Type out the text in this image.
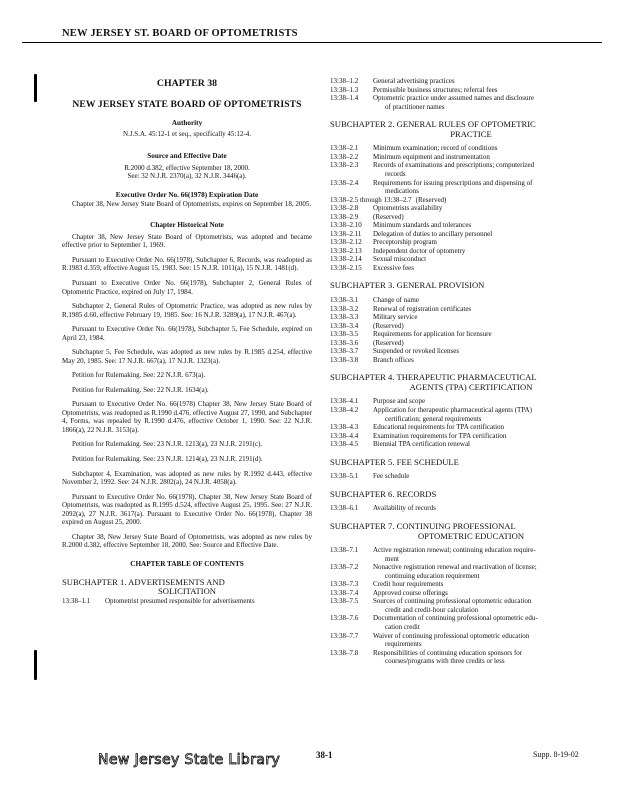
NEW JERSEY ST. BOARD OF OPTOMETRISTS
CHAPTER 38
NEW JERSEY STATE BOARD OF OPTOMETRISTS
Authority
N.J.S.A. 45:12-1 et seq., specifically 45:12-4.
Source and Effective Date
R.2000 d.382, effective September 18, 2000.
See: 32 N.J.R. 2370(a), 32 N.J.R. 3446(a).
Executive Order No. 66(1978) Expiration Date
Chapter 38, New Jersey State Board of Optometrists, expires on September 18, 2005.
Chapter Historical Note

Chapter 38, New Jersey State Board of Optometrists, was adopted and became effective prior to September 1, 1969.

Pursuant to Executive Order No. 66(1978), Subchapter 6, Records, was readopted as R.1983 d.359, effective August 15, 1983. See: 15 N.J.R. 1011(a), 15 N.J.R. 1481(d).

Pursuant to Executive Order No. 66(1978), Subchapter 2, General Rules of Optometric Practice, expired on July 17, 1984.

Subchapter 2, General Rules of Optometric Practice, was adopted as new rules by R.1985 d.60, effective February 19, 1985. See: 16 N.J.R. 3289(a), 17 N.J.R. 467(a).

Pursuant to Executive Order No. 66(1978), Subchapter 5, Fee Schedule, expired on April 23, 1984.

Subchapter 5, Fee Schedule, was adopted as new rules by R.1985 d.254, effective May 20, 1985. See: 17 N.J.R. 667(a), 17 N.J.R. 1323(a).

Petition for Rulemaking. See: 22 N.J.R. 673(a).

Petition for Rulemaking. See: 22 N.J.R. 1634(a).

Pursuant to Executive Order No. 66(1978) Chapter 38, New Jersey State Board of Optometrists, was readopted as R.1990 d.476, effective August 27, 1990, and Subchapter 4, Forms, was repealed by R.1990 d.476, effective October 1, 1990. See: 22 N.J.R. 1866(a), 22 N.J.R. 3153(a).

Petition for Rulemaking. See: 23 N.J.R. 1213(a), 23 N.J.R. 2191(c).

Petition for Rulemaking. See: 23 N.J.R. 1214(a), 23 N.J.R. 2191(d).

Subchapter 4, Examination, was adopted as new rules by R.1992 d.443, effective November 2, 1992. See: 24 N.J.R. 2802(a), 24 N.J.R. 4058(a).

Pursuant to Executive Order No. 66(1978), Chapter 38, New Jersey State Board of Optometrists, was readopted as R.1995 d.524, effective August 25, 1995. See: 27 N.J.R. 2092(a), 27 N.J.R. 3617(a). Pursuant to Executive Order No. 66(1978), Chapter 38 expired on August 25, 2000.

Chapter 38, New Jersey State Board of Optometrists, was adopted as new rules by R.2000 d.382, effective September 18, 2000. See: Source and Effective Date.

CHAPTER TABLE OF CONTENTS
SUBCHAPTER 1. ADVERTISEMENTS AND
SOLICITATION
13:38–1.1	Optometrist presumed responsible for advertisements
13:38–1.2	General advertising practices
13:38–1.3	Permissible business structures; referral fees
13:38–1.4	Optometric practice under assumed names and disclosure
of practitioner names
SUBCHAPTER 2. GENERAL RULES OF OPTOMETRIC
PRACTICE
13:38–2.1	Minimum examination; record of conditions
13:38–2.2	Minimum equipment and instrumentation
13:38–2.3	Records of examinations and prescriptions; computerized
records
13:38–2.4	Requirements for issuing prescriptions and dispensing of
medications
13:38–2.5 through 13:38–2.7 (Reserved)
13:38–2.8	Optometrists availability
13:38–2.9	(Reserved)
13:38–2.10	Minimum standards and tolerances
13:38–2.11	Delegation of duties to ancillary personnel
13:38–2.12	Preceptorship program
13:38–2.13	Independent doctor of optometry
13:38–2.14	Sexual misconduct
13:38–2.15	Excessive fees
SUBCHAPTER 3. GENERAL PROVISION
13:38–3.1	Change of name
13:38–3.2	Renewal of registration certificates
13:38–3.3	Military service
13:38–3.4	(Reserved)
13:38–3.5	Requirements for application for licensure
13:38–3.6	(Reserved)
13:38–3.7	Suspended or revoked licenses
13:38–3.8	Branch offices
SUBCHAPTER 4. THERAPEUTIC PHARMACEUTICAL
AGENTS (TPA) CERTIFICATION
13:38–4.1	Purpose and scope
13:38–4.2	Application for therapeutic pharmaceutical agents (TPA)
certification; general requirements
13:38–4.3	Educational requirements for TPA certification
13:38–4.4	Examination requirements for TPA certification
13:38–4.5	Biennial TPA certification renewal
SUBCHAPTER 5. FEE SCHEDULE
13:38–5.1	Fee schedule
SUBCHAPTER 6. RECORDS
13:38–6.1	Availability of records
SUBCHAPTER 7. CONTINUING PROFESSIONAL
OPTOMETRIC EDUCATION
13:38–7.1	Active registration renewal; continuing education require-
ment
13:38–7.2	Nonactive registration renewal and reactivation of license;
continuing education requirement
13:38–7.3	Credit hour requirements
13:38–7.4	Approved course offerings
13:38–7.5	Sources of continuing professional optometric education
credit and credit-hour calculation
13:38–7.6	Documentation of continuing professional optometric edu-
cation credit
13:38–7.7	Waiver of continuing professional optometric education
requirements
13:38–7.8	Responsibilities of continuing education sponsors for
courses/programs with three credits or less
New Jersey State Library	38-1	Supp. 8-19-02
